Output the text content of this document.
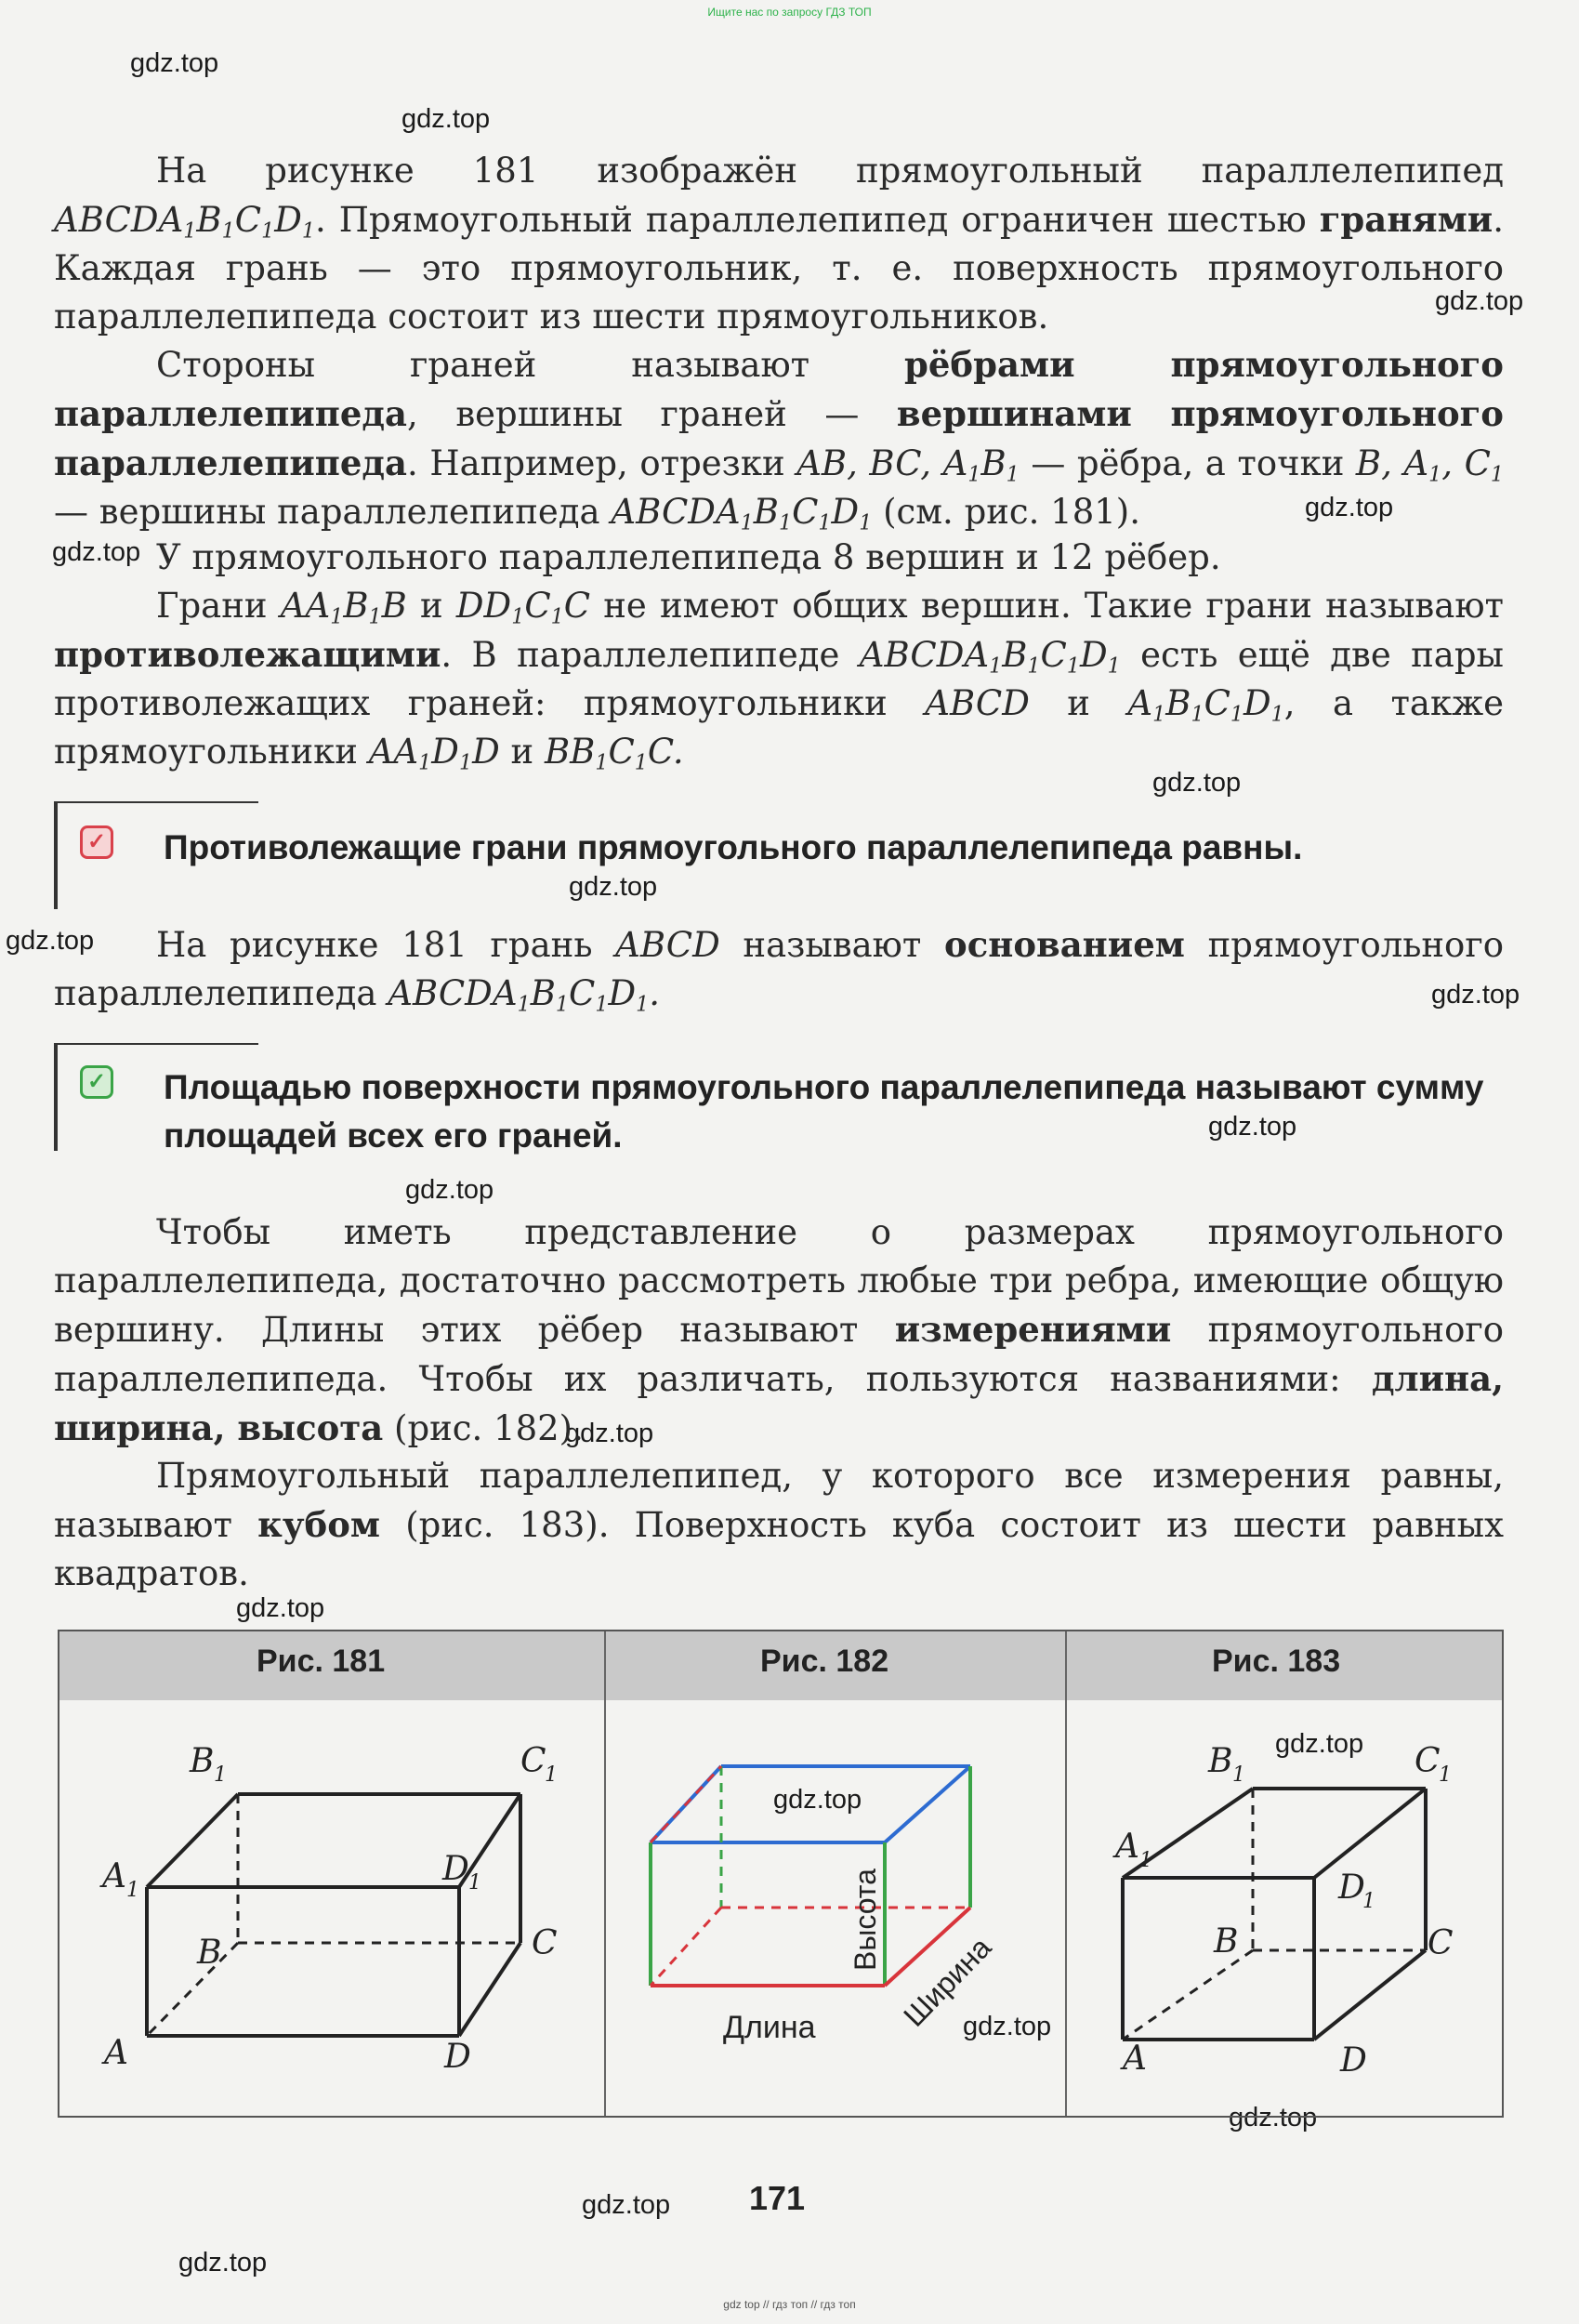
Ищите нас по запросу ГДЗ ТОП
gdz.top
gdz.top
gdz.top
gdz.top
gdz.top
gdz.top
gdz.top
gdz.top
gdz.top
gdz.top
gdz.top
gdz.top
gdz.top
gdz.top
gdz.top
gdz.top
gdz.top
gdz.top
gdz.top

На рисунке 181 изображён прямоугольный параллелепипед $ABCDA_1B_1C_1D_1$. Прямоугольный параллелепипед ограничен шестью гранями. Каждая грань — это прямоугольник, т. е. поверхность прямоугольного параллелепипеда состоит из шести прямоугольников.

Стороны граней называют	рёбрами прямоугольного параллелепипеда, вершины граней — вершинами прямоугольного параллелепипеда. Например, отрезки AB, BC, $A_1B_1$ — рёбра, а точки B, $A_1$, $C_1$ — вершины параллелепипеда $ABCDA_1B_1C_1D_1$ (см. рис. 181).

У прямоугольного параллелепипеда 8 вершин и 12 рёбер.

Грани $AA_1B_1B$ и $DD_1C_1C$ не имеют общих вершин. Такие грани называют противолежащими. В параллелепипеде $ABCDA_1B_1C_1D_1$ есть ещё две пары противолежащих граней: прямоугольники ABCD и $A_1B_1C_1D_1$, а также прямоугольники $AA_1D_1D$ и $BB_1C_1C$.

✓ Противолежащие грани прямоугольного параллелепипеда равны.

На рисунке 181 грань ABCD называют основанием прямоугольного параллелепипеда $ABCDA_1B_1C_1D_1$.

✓ Площадью поверхности прямоугольного параллелепипеда называют сумму площадей всех его граней.

Чтобы иметь представление о размерах прямоугольного параллелепипеда, достаточно рассмотреть любые три ребра, имеющие общую вершину. Длины этих рёбер называют измерениями прямоугольного параллелепипеда. Чтобы их различать, пользуются названиями: длина, ширина, высота (рис. 182).

Прямоугольный параллелепипед, у которого все измерения равны, называют кубом (рис. 183). Поверхность куба состоит из шести равных квадратов.

Рис. 181	Рис. 182	Рис. 183
B 1	C
1
A 1
D 1
B	C
A	D
Длина
Высота
Ширина
B 1	C
1
A 1
D
1
B	C
A	D
171
gdz top // гдз топ // гдз топ
